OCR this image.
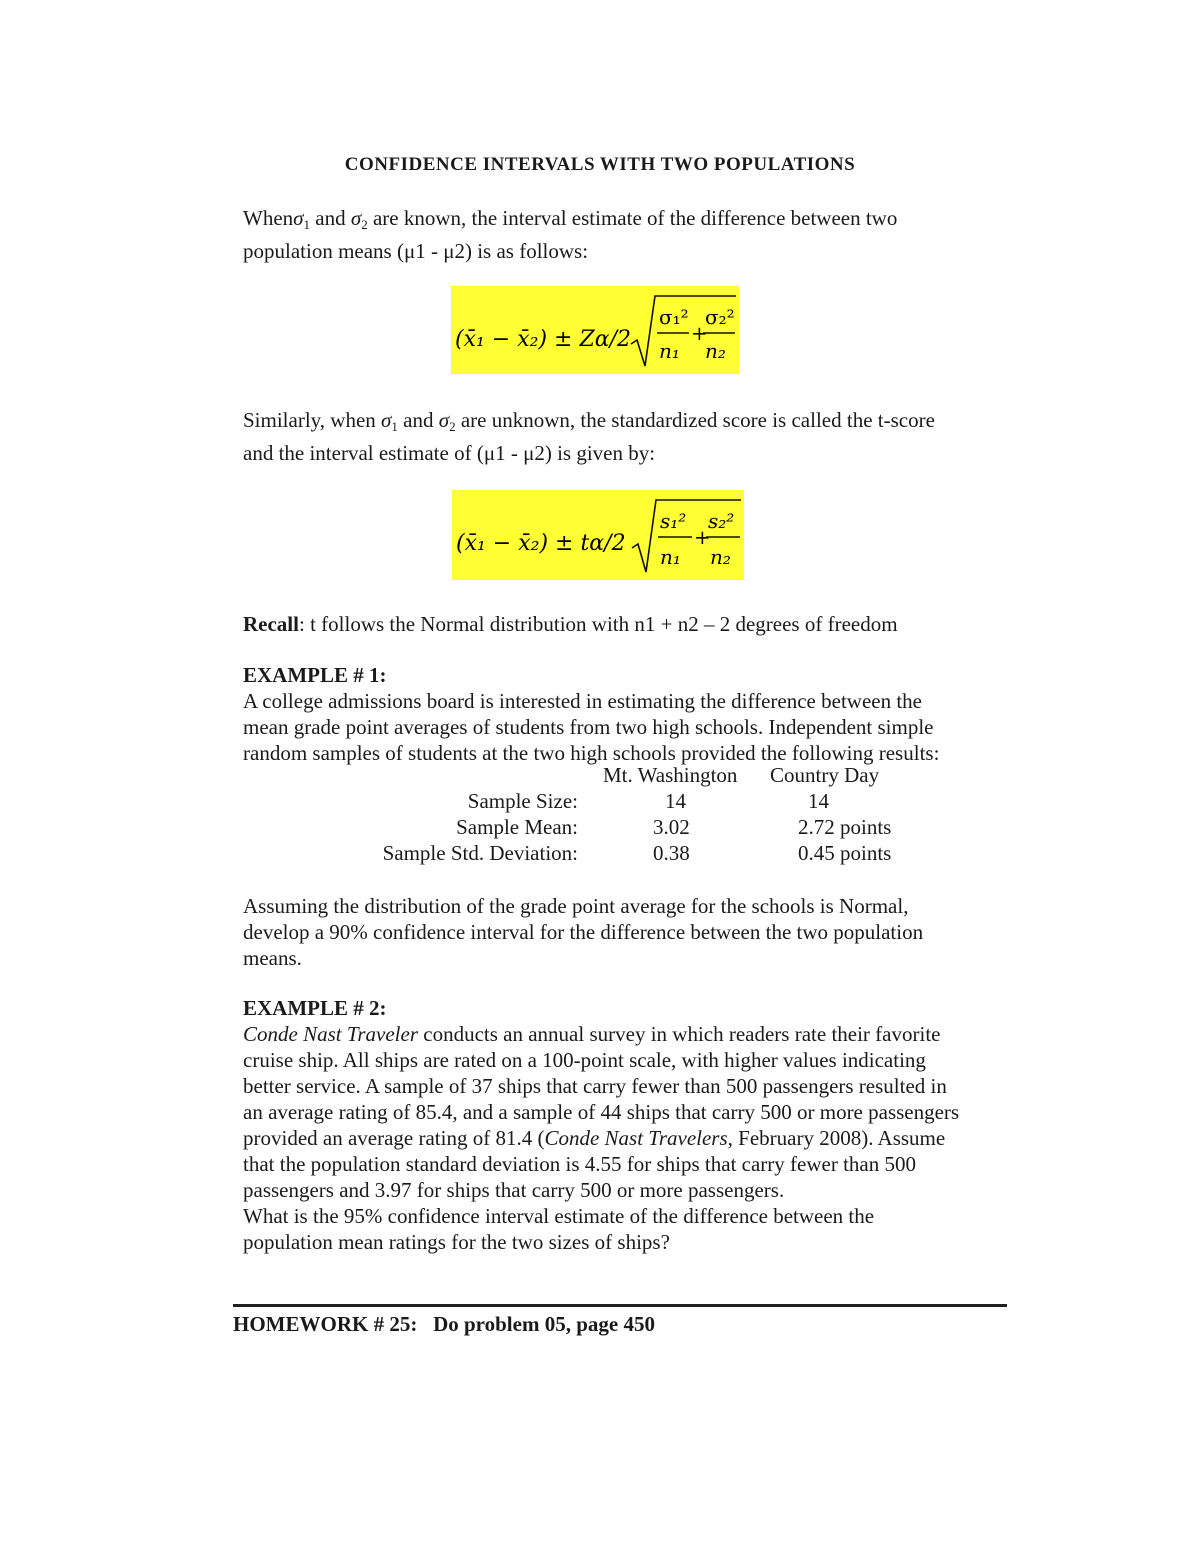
CONFIDENCE INTERVALS WITH TWO POPULATIONS
Whenσ$_1$ and $\sigma_2$ are known, the interval estimate of the difference between two
population means (μ1 - μ2) is as follows:
(x̄₁ − x̄₂) ± Zα/2
σ₁²
n₁
+
σ₂²
n₂
Similarly, when $\sigma_1$ and $\sigma_2$ are unknown, the standardized score is called the t-score
and the interval estimate of (μ1 - μ2) is given by:
(x̄₁ − x̄₂) ± tα/2
s₁²
n₁
+
s₂²
n₂
Recall: t follows the Normal distribution with n1 + n2 – 2 degrees of freedom
EXAMPLE # 1:
A college admissions board is interested in estimating the difference between the
mean grade point averages of students from two high schools. Independent simple
random samples of students at the two high schools provided the following results:
Mt. Washington Country Day
Sample Size:	14	14
Sample Mean:	3.02	2.72 points
Sample Std. Deviation:	0.38	0.45 points
Assuming the distribution of the grade point average for the schools is Normal,
develop a 90% confidence interval for the difference between the two population
means.
EXAMPLE # 2:
Conde Nast Traveler conducts an annual survey in which readers rate their favorite
cruise ship. All ships are rated on a 100-point scale, with higher values indicating
better service. A sample of 37 ships that carry fewer than 500 passengers resulted in
an average rating of 85.4, and a sample of 44 ships that carry 500 or more passengers
provided an average rating of 81.4 (Conde Nast Travelers, February 2008). Assume
that the population standard deviation is 4.55 for ships that carry fewer than 500
passengers and 3.97 for ships that carry 500 or more passengers.
What is the 95% confidence interval estimate of the difference between the
population mean ratings for the two sizes of ships?
HOMEWORK # 25: Do problem 05, page 450
